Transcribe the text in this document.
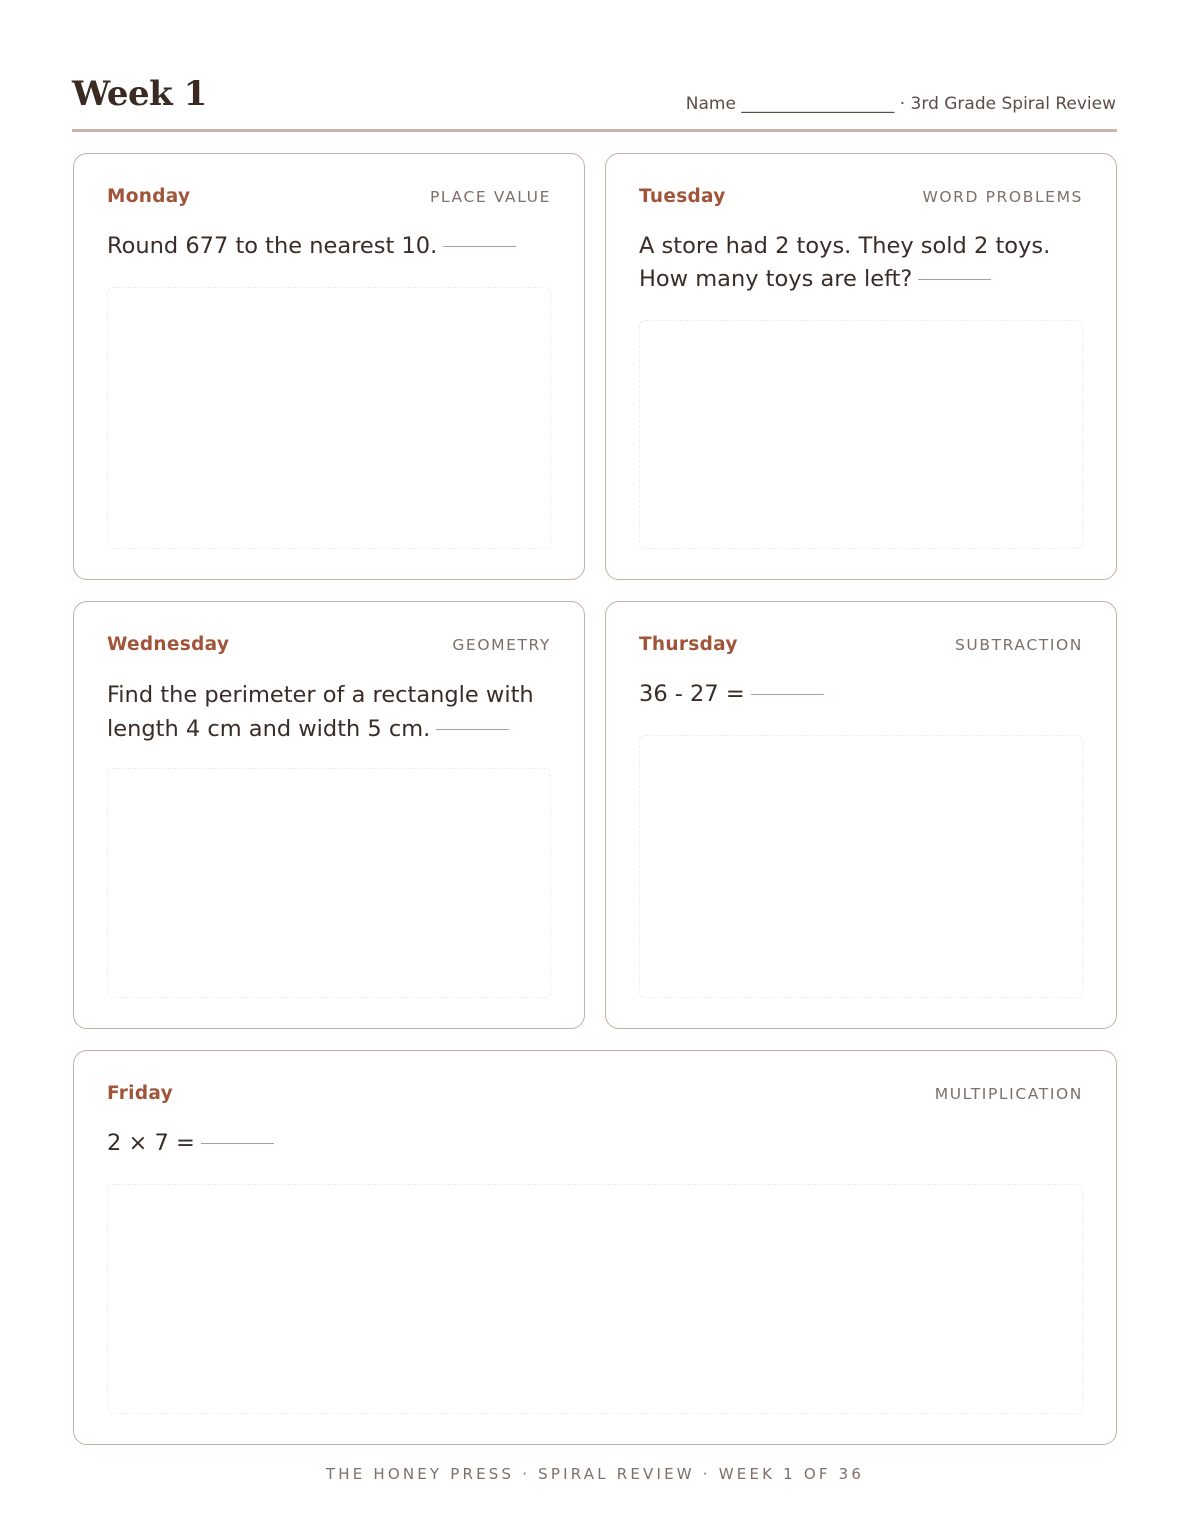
Week 1	Name __________________ · 3rd Grade Spiral Review
Monday	PLACE VALUE

Round 677 to the nearest 10.

Tuesday	WORD PROBLEMS

A store had 2 toys. They sold 2 toys. How many toys are left?

Wednesday	GEOMETRY

Find the perimeter of a rectangle with length 4 cm and width 5 cm.

Thursday	SUBTRACTION

36 - 27 =

Friday	MULTIPLICATION

2 × 7 =

THE HONEY PRESS · SPIRAL REVIEW · WEEK 1 OF 36
